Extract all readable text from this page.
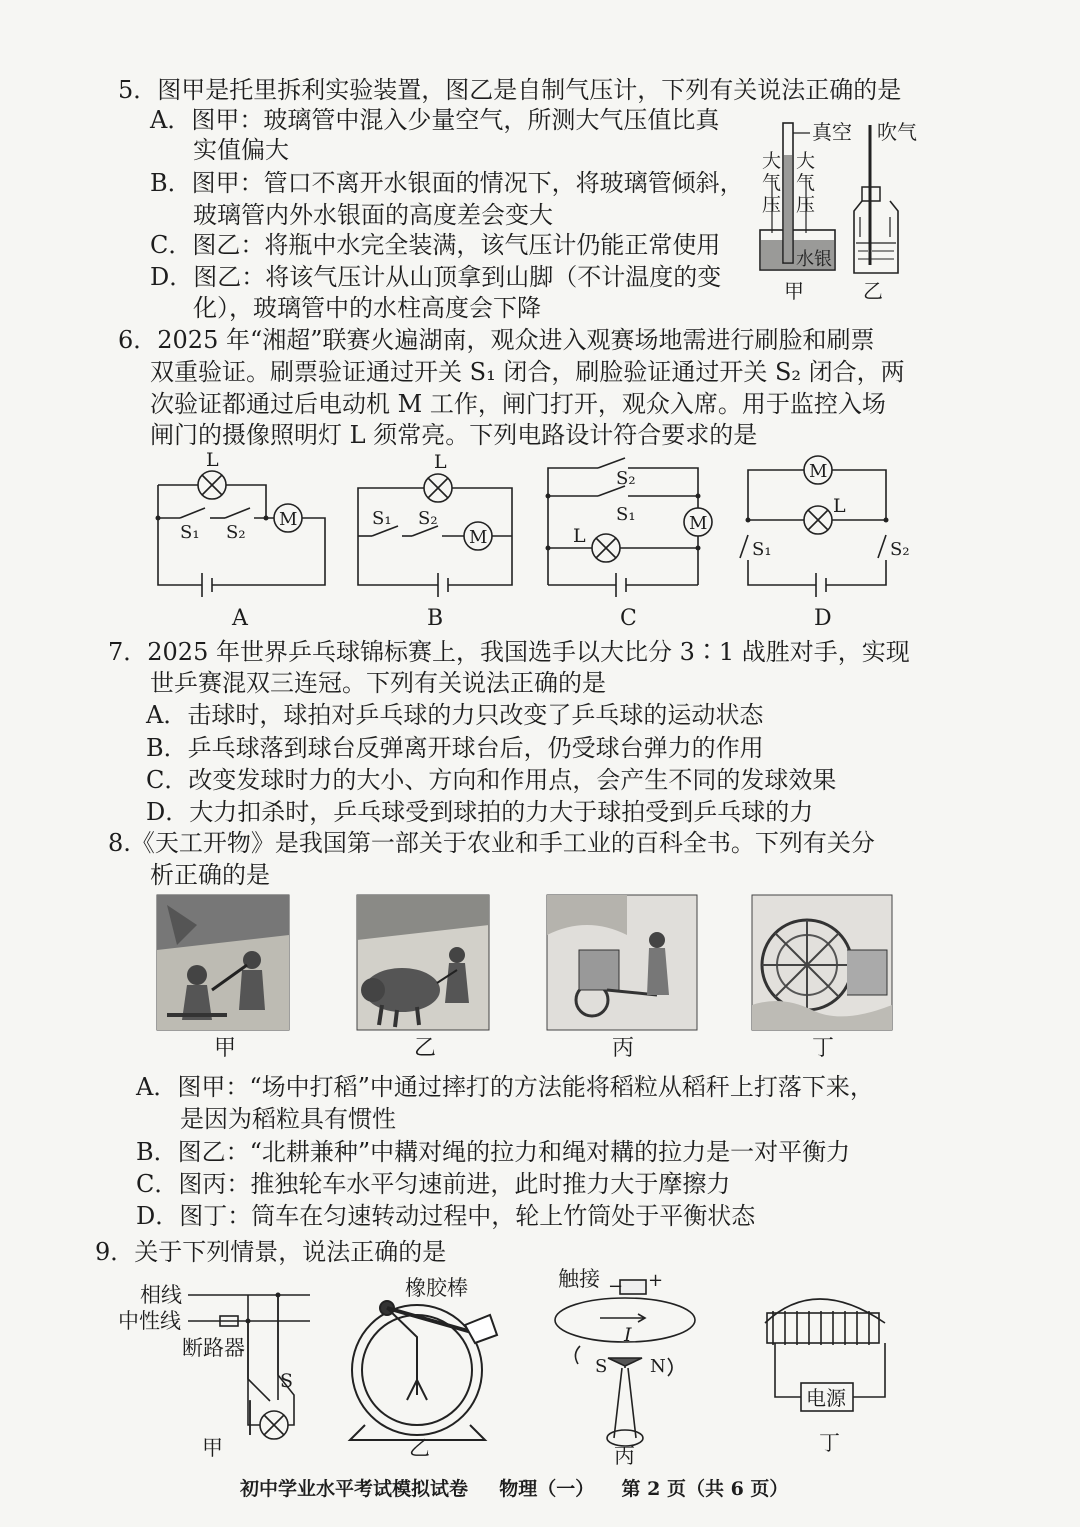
5．图甲是托里拆利实验装置，图乙是自制气压计，下列有关说法正确的是
A．图甲：玻璃管中混入少量空气，所测大气压值比真
实值偏大
B．图甲：管口不离开水银面的情况下，将玻璃管倾斜，
玻璃管内外水银面的高度差会变大
C．图乙：将瓶中水完全装满，该气压计仍能正常使用
D．图乙：将该气压计从山顶拿到山脚（不计温度的变
化），玻璃管中的水柱高度会下降
真空
大气压
大气压
水银
甲
吹气
乙
6．2025 年“湘超”联赛火遍湖南，观众进入观赛场地需进行刷脸和刷票
双重验证。刷票验证通过开关 S₁ 闭合，刷脸验证通过开关 S₂ 闭合，两
次验证都通过后电动机 M 工作，闸门打开，观众入席。用于监控入场
闸门的摄像照明灯 L 须常亮。下列电路设计符合要求的是
L
M
S₁ S₂
A
L
M
S₁ S₂
B
S₂
S₁
L
M
C
M
L
S₁	S₂
D
7．2025 年世界乒乓球锦标赛上，我国选手以大比分 3∶1 战胜对手，实现
世乒赛混双三连冠。下列有关说法正确的是
A．击球时，球拍对乒乓球的力只改变了乒乓球的运动状态
B．乒乓球落到球台反弹离开球台后，仍受球台弹力的作用
C．改变发球时力的大小、方向和作用点，会产生不同的发球效果
D．大力扣杀时，乒乓球受到球拍的力大于球拍受到乒乓球的力
8.《天工开物》是我国第一部关于农业和手工业的百科全书。下列有关分
析正确的是
甲	乙	丙	丁
A．图甲：“场中打稻”中通过摔打的方法能将稻粒从稻秆上打落下来，
是因为稻粒具有惯性
B．图乙：“北耕兼种”中耩对绳的拉力和绳对耩的拉力是一对平衡力
C．图丙：推独轮车水平匀速前进，此时推力大于摩擦力
D．图丁：筒车在匀速转动过程中，轮上竹筒处于平衡状态
9．关于下列情景，说法正确的是
相线
中性线
断路器
S
甲
橡胶棒
乙
触接 − +
I
S N
丙
电源
丁
初中学业水平考试模拟试卷 物理（一） 第 2 页（共 6 页）
